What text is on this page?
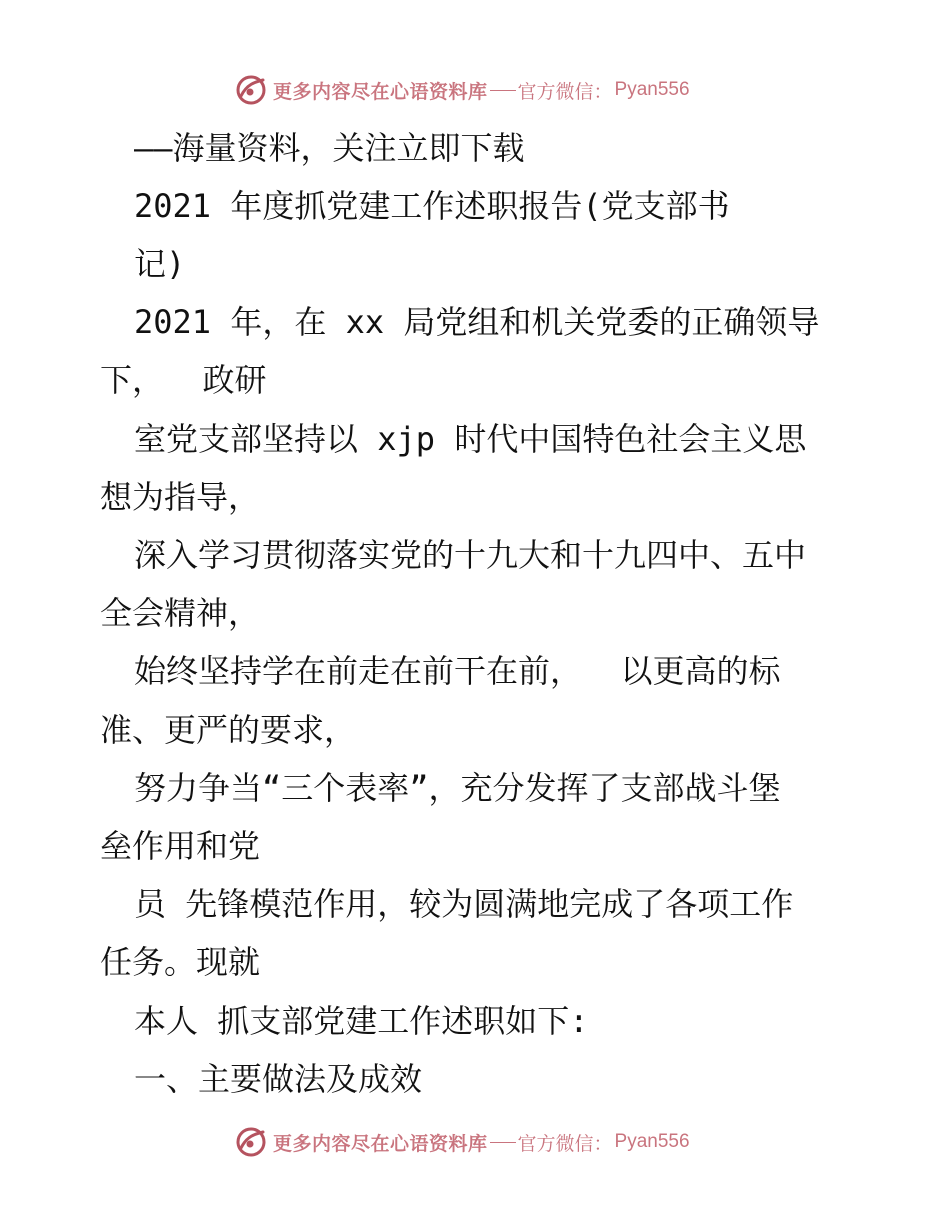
更多内容尽在心语资料库 官方微信： Pyan556
——海量资料，关注立即下载
2021 年度抓党建工作述职报告(党支部书
记)
2021 年，在 xx 局党组和机关党委的正确领导
下，  政研
室党支部坚持以 xjp 时代中国特色社会主义思
想为指导，
深入学习贯彻落实党的十九大和十九四中、五中
全会精神，
始终坚持学在前走在前干在前，  以更高的标
准、更严的要求，
努力争当“三个表率”，充分发挥了支部战斗堡
垒作用和党
员 先锋模范作用，较为圆满地完成了各项工作
任务。现就
本人 抓支部党建工作述职如下:
一、主要做法及成效
更多内容尽在心语资料库 官方微信： Pyan556
